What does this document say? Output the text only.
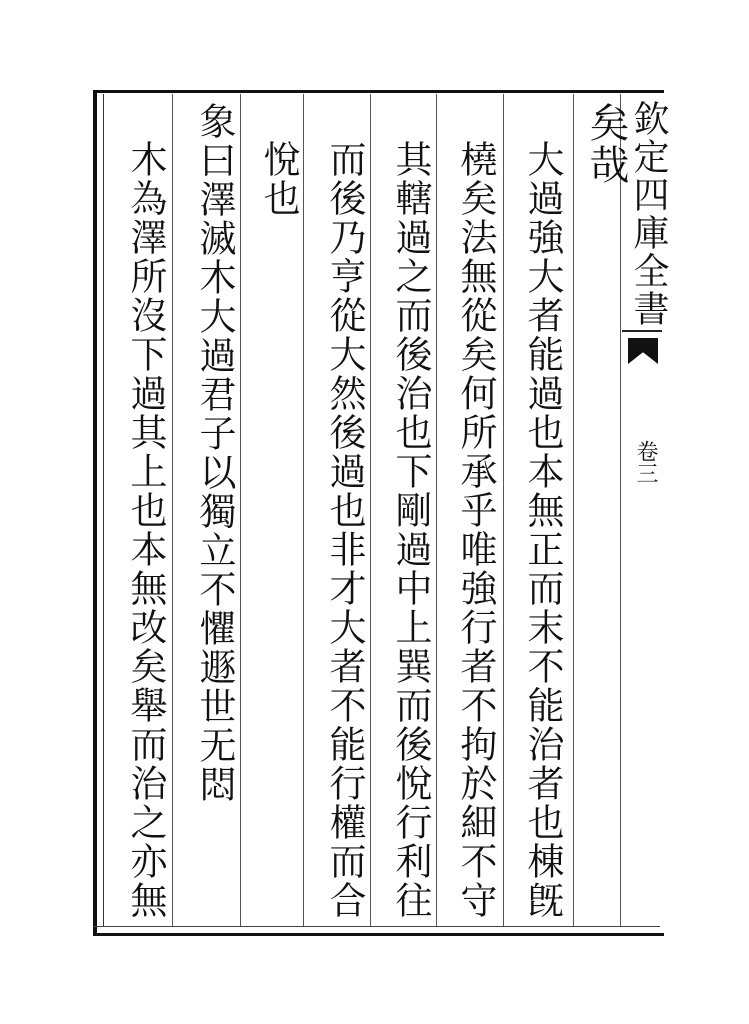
欽定四庫全書
卷三
矣哉
大過強大者能過也本無正而末不能治者也棟旣
橈矣法無從矣何所承乎唯強行者不拘於細不守
其轄過之而後治也下剛過中上巽而後悅行利往
而後乃亨從大然後過也非才大者不能行權而合
悅也
象曰澤滅木大過君子以獨立不懼遯世无悶
木為澤所沒下過其上也本無改矣舉而治之亦無
